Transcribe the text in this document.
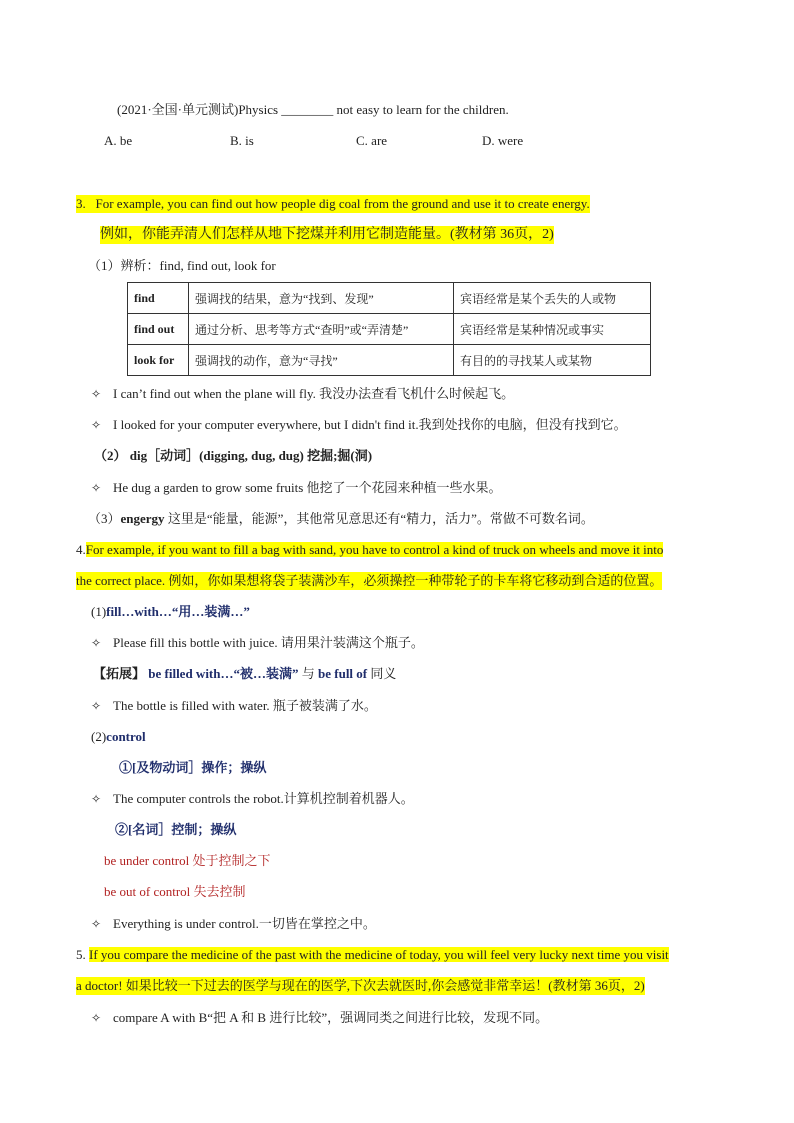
(2021·全国·单元测试)Physics ________ not easy to learn for the children.
A. be	B. is	C. are	D. were
3. For example, you can find out how people dig coal from the ground and use it to create energy.
例如，你能弄清人们怎样从地下挖煤并利用它制造能量。(教材第 36页，2)
（1）辨析：find, find out, look for
find	强调找的结果，意为“找到、发现”	宾语经常是某个丢失的人或物
find out	通过分析、思考等方式“查明”或“弄清楚”	宾语经常是某种情况或事实
look for	强调找的动作，意为“寻找”	有目的的寻找某人或某物
✧ I can’t find out when the plane will fly. 我没办法查看飞机什么时候起飞。
✧ I looked for your computer everywhere, but I didn't find it.我到处找你的电脑，但没有找到它。
（2） dig［动词］(digging, dug, dug) 挖掘;掘(洞)
✧ He dug a garden to grow some fruits 他挖了一个花园来种植一些水果。
（3）engergy 这里是“能量，能源”，其他常见意思还有“精力，活力”。常做不可数名词。
4.For example, if you want to fill a bag with sand, you have to control a kind of truck on wheels and move it into
the correct place. 例如，你如果想将袋子装满沙车，必须操控一种带轮子的卡车将它移动到合适的位置。
(1)fill…with…“用…装满…”
✧ Please fill this bottle with juice. 请用果汁装满这个瓶子。
【拓展】 be filled with…“被…装满” 与 be full of 同义
✧ The bottle is filled with water. 瓶子被装满了水。
(2)control
①[及物动词］操作；操纵
✧ The computer controls the robot.计算机控制着机器人。
②[名词］控制；操纵
be under control 处于控制之下
be out of control 失去控制
✧ Everything is under control.一切皆在掌控之中。
5. If you compare the medicine of the past with the medicine of today, you will feel very lucky next time you visit
a doctor! 如果比较一下过去的医学与现在的医学,下次去就医时,你会感觉非常幸运！(教材第 36页，2)
✧ compare A with B“把 A 和 B 进行比较”，强调同类之间进行比较，发现不同。
